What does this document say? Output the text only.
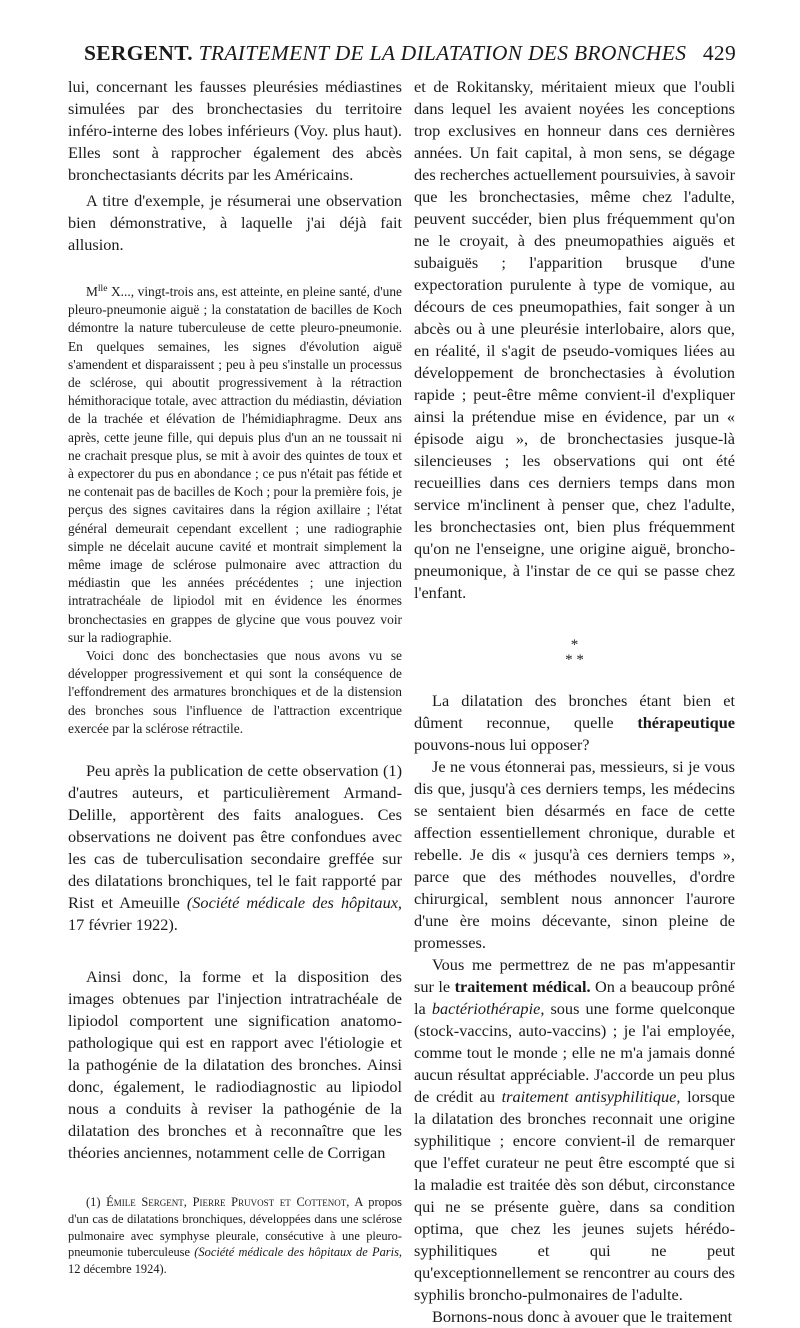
SERGENT. TRAITEMENT DE LA DILATATION DES BRONCHES 429

lui, concernant les fausses pleurésies médiastines simulées par des bronchectasies du territoire inféro-interne des lobes inférieurs (Voy. plus haut). Elles sont à rapprocher également des abcès bronchectasiants décrits par les Américains.

A titre d'exemple, je résumerai une observation bien démonstrative, à laquelle j'ai déjà fait allusion.

$M^{lle}$ X..., vingt-trois ans, est atteinte, en pleine santé, d'une pleuro-pneumonie aiguë ; la constatation de bacilles de Koch démontre la nature tuberculeuse de cette pleuro-pneumonie. En quelques semaines, les signes d'évolution aiguë s'amendent et disparaissent ; peu à peu s'installe un processus de sclérose, qui aboutit progressivement à la rétraction hémithoracique totale, avec attraction du médiastin, déviation de la trachée et élévation de l'hémidiaphragme. Deux ans après, cette jeune fille, qui depuis plus d'un an ne toussait ni ne crachait presque plus, se mit à avoir des quintes de toux et à expectorer du pus en abondance ; ce pus n'était pas fétide et ne contenait pas de bacilles de Koch ; pour la première fois, je perçus des signes cavitaires dans la région axillaire ; l'état général demeurait cependant excellent ; une radiographie simple ne décelait aucune cavité et montrait simplement la même image de sclérose pulmonaire avec attraction du médiastin que les années précédentes ; une injection intratrachéale de lipiodol mit en évidence les énormes bronchectasies en grappes de glycine que vous pouvez voir sur la radiographie.

Voici donc des bonchectasies que nous avons vu se développer progressivement et qui sont la conséquence de l'effondrement des armatures bronchiques et de la distension des bronches sous l'influence de l'attraction excentrique exercée par la sclérose rétractile.

Peu après la publication de cette observation (1) d'autres auteurs, et particulièrement Armand-Delille, apportèrent des faits analogues. Ces observations ne doivent pas être confondues avec les cas de tuberculisation secondaire greffée sur des dilatations bronchiques, tel le fait rapporté par Rist et Ameuille (Société médicale des hôpitaux, 17 février 1922).

Ainsi donc, la forme et la disposition des images obtenues par l'injection intratrachéale de lipiodol comportent une signification anatomo-pathologique qui est en rapport avec l'étiologie et la pathogénie de la dilatation des bronches. Ainsi donc, également, le radiodiagnostic au lipiodol nous a conduits à reviser la pathogénie de la dilatation des bronches et à reconnaître que les théories anciennes, notamment celle de Corrigan

(1) Émile Sergent, Pierre Pruvost et Cottenot, A propos d'un cas de dilatations bronchiques, développées dans une sclérose pulmonaire avec symphyse pleurale, consécutive à une pleuro-pneumonie tuberculeuse (Société médicale des hôpitaux de Paris, 12 décembre 1924).

et de Rokitansky, méritaient mieux que l'oubli dans lequel les avaient noyées les conceptions trop exclusives en honneur dans ces dernières années. Un fait capital, à mon sens, se dégage des recherches actuellement poursuivies, à savoir que les bronchectasies, même chez l'adulte, peuvent succéder, bien plus fréquemment qu'on ne le croyait, à des pneumopathies aiguës et subaiguës ; l'apparition brusque d'une expectoration purulente à type de vomique, au décours de ces pneumopathies, fait songer à un abcès ou à une pleurésie interlobaire, alors que, en réalité, il s'agit de pseudo-vomiques liées au développement de bronchectasies à évolution rapide ; peut-être même convient-il d'expliquer ainsi la prétendue mise en évidence, par un « épisode aigu », de bronchectasies jusque-là silencieuses ; les observations qui ont été recueillies dans ces derniers temps dans mon service m'inclinent à penser que, chez l'adulte, les bronchectasies ont, bien plus fréquemment qu'on ne l'enseigne, une origine aiguë, broncho-pneumonique, à l'instar de ce qui se passe chez l'enfant.

*
* *

La dilatation des bronches étant bien et dûment reconnue, quelle thérapeutique pouvons-nous lui opposer?

Je ne vous étonnerai pas, messieurs, si je vous dis que, jusqu'à ces derniers temps, les médecins se sentaient bien désarmés en face de cette affection essentiellement chronique, durable et rebelle. Je dis « jusqu'à ces derniers temps », parce que des méthodes nouvelles, d'ordre chirurgical, semblent nous annoncer l'aurore d'une ère moins décevante, sinon pleine de promesses.

Vous me permettrez de ne pas m'appesantir sur le traitement médical. On a beaucoup prôné la bactériothérapie, sous une forme quelconque (stock-vaccins, auto-vaccins) ; je l'ai employée, comme tout le monde ; elle ne m'a jamais donné aucun résultat appréciable. J'accorde un peu plus de crédit au traitement antisyphilitique, lorsque la dilatation des bronches reconnait une origine syphilitique ; encore convient-il de remarquer que l'effet curateur ne peut être escompté que si la maladie est traitée dès son début, circonstance qui ne se présente guère, dans sa condition optima, que chez les jeunes sujets hérédo-syphilitiques et qui ne peut qu'exceptionnellement se rencontrer au cours des syphilis broncho-pulmonaires de l'adulte.

Bornons-nous donc à avouer que le traitement
